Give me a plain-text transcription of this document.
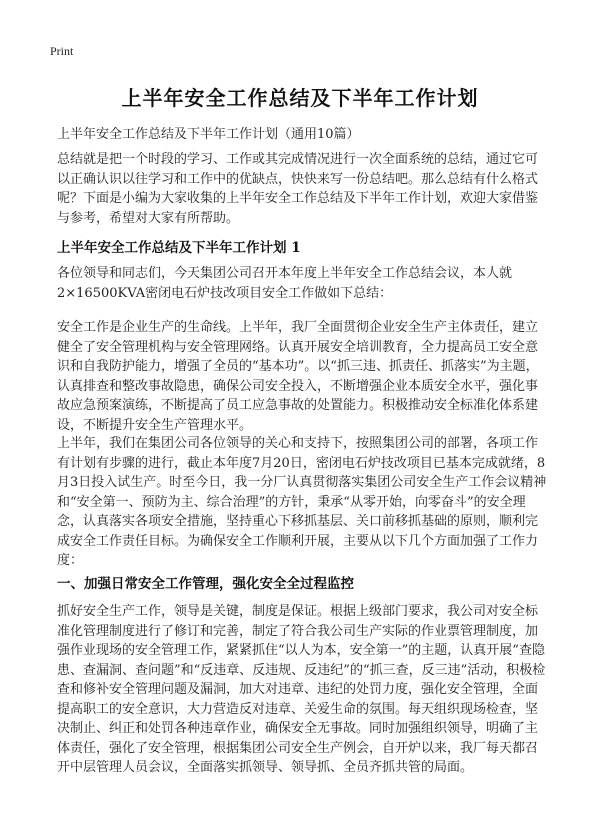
Print
上半年安全工作总结及下半年工作计划
上半年安全工作总结及下半年工作计划（通用10篇）

总结就是把一个时段的学习、工作或其完成情况进行一次全面系统的总结，通过它可以正确认识以往学习和工作中的优缺点，快快来写一份总结吧。那么总结有什么格式呢？下面是小编为大家收集的上半年安全工作总结及下半年工作计划，欢迎大家借鉴与参考，希望对大家有所帮助。

上半年安全工作总结及下半年工作计划 1

各位领导和同志们，今天集团公司召开本年度上半年安全工作总结会议，本人就2×16500KVA密闭电石炉技改项目安全工作做如下总结：

安全工作是企业生产的生命线。上半年，我厂全面贯彻企业安全生产主体责任，建立健全了安全管理机构与安全管理网络。认真开展安全培训教育，全力提高员工安全意识和自我防护能力，增强了全员的“基本功”。以“抓三违、抓责任、抓落实”为主题，认真排查和整改事故隐患，确保公司安全投入，不断增强企业本质安全水平，强化事故应急预案演练，不断提高了员工应急事故的处置能力。积极推动安全标准化体系建设，不断提升安全生产管理水平。

上半年，我们在集团公司各位领导的关心和支持下，按照集团公司的部署，各项工作有计划有步骤的进行，截止本年度7月20日，密闭电石炉技改项目已基本完成就绪，8月3日投入试生产。时至今日，我一分厂认真贯彻落实集团公司安全生产工作会议精神和“安全第一、预防为主、综合治理”的方针，秉承“从零开始，向零奋斗”的安全理念，认真落实各项安全措施，坚持重心下移抓基层、关口前移抓基础的原则，顺利完成安全工作责任目标。为确保安全工作顺利开展，主要从以下几个方面加强了工作力度：

一、加强日常安全工作管理，强化安全全过程监控

抓好安全生产工作，领导是关键，制度是保证。根据上级部门要求，我公司对安全标准化管理制度进行了修订和完善，制定了符合我公司生产实际的作业票管理制度，加强作业现场的安全管理工作，紧紧抓住“以人为本，安全第一”的主题，认真开展“查隐患、查漏洞、查问题”和“反违章、反违规、反违纪”的“抓三查，反三违”活动，积极检查和修补安全管理问题及漏洞，加大对违章、违纪的处罚力度，强化安全管理，全面提高职工的安全意识，大力营造反对违章、关爱生命的氛围。每天组织现场检查，坚决制止、纠正和处罚各种违章作业，确保安全无事故。同时加强组织领导，明确了主体责任，强化了安全管理，根据集团公司安全生产例会，自开炉以来，我厂每天都召开中层管理人员会议，全面落实抓领导、领导抓、全员齐抓共管的局面。
